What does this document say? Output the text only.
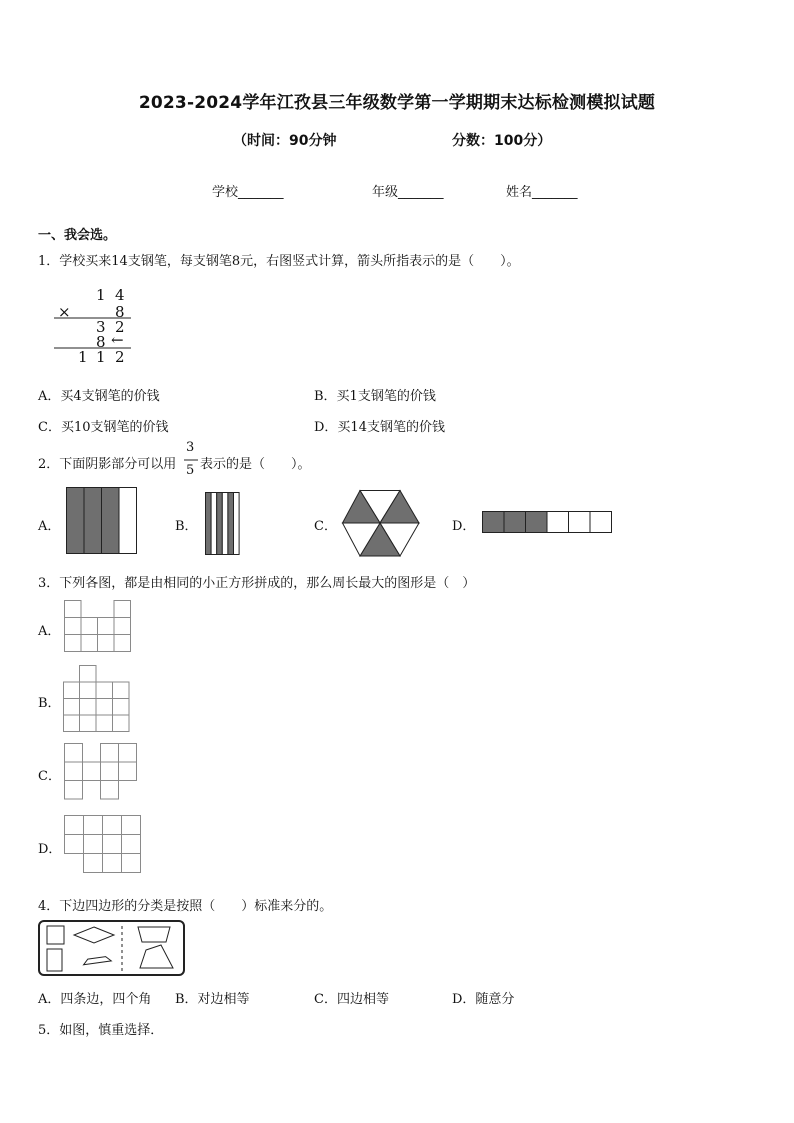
2023-2024学年江孜县三年级数学第一学期期末达标检测模拟试题
（时间：90分钟	分数：100分）
学校_______	年级_______	姓名_______
一、我会选。
1．学校买来14支钢笔，每支钢笔8元，右图竖式计算，箭头所指表示的是（　　）。
1 4
×	8
3 2
8 ←
1 1 2
A．买4支钢笔的价钱	B．买1支钢笔的价钱
C．买10支钢笔的价钱	D．买14支钢笔的价钱
2．下面阴影部分可以用
3
5 表示的是（　　）。
A．	B．	C．	D．
3．下列各图，都是由相同的小正方形拼成的，那么周长最大的图形是（　）
A．
B．
C．
D．
4．下边四边形的分类是按照（　　）标准来分的。
A．四条边，四个角 B．对边相等	C．四边相等	D．随意分
5．如图，慎重选择．
